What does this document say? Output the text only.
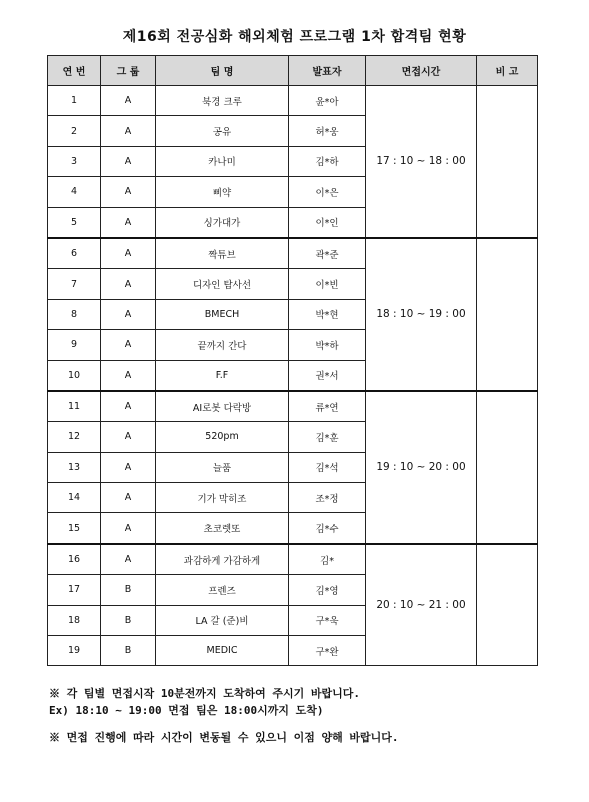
제16회 전공심화 해외체험 프로그램 1차 합격팀 현황
연 번	그 룹	팀 명	발표자	면접시간	비 고
1	A	북경 크루	윤*아	17 : 10 ~ 18 : 00	
2	A	공유	허*웅		
3	A	카나미	김*하		
4	A	삐약	이*은		
5	A	싱가대가	이*인		
6	A	짝튜브	곽*준	18 : 10 ~ 19 : 00	
7	A	디자인 탐사선	이*빈		
8	A	BMECH	박*현		
9	A	끝까지 간다	박*하		
10	A	F.F	권*서		
11	A	AI로봇 다락방	류*연	19 : 10 ~ 20 : 00	
12	A	520pm	김*훈		
13	A	늘품	김*석		
14	A	기가 막히조	조*정		
15	A	초코렛또	김*수		
16	A	과감하게 가감하게	김*	20 : 10 ~ 21 : 00	
17	B	프렌즈	김*영		
18	B	LA 갈 (준)비	구*욱		
19	B	MEDIC	구*완		

※ 각 팀별 면접시작 10분전까지 도착하여 주시기 바랍니다.

Ex) 18:10 ~ 19:00 면접 팀은 18:00시까지 도착)

※ 면접 진행에 따라 시간이 변동될 수 있으니 이점 양해 바랍니다.
